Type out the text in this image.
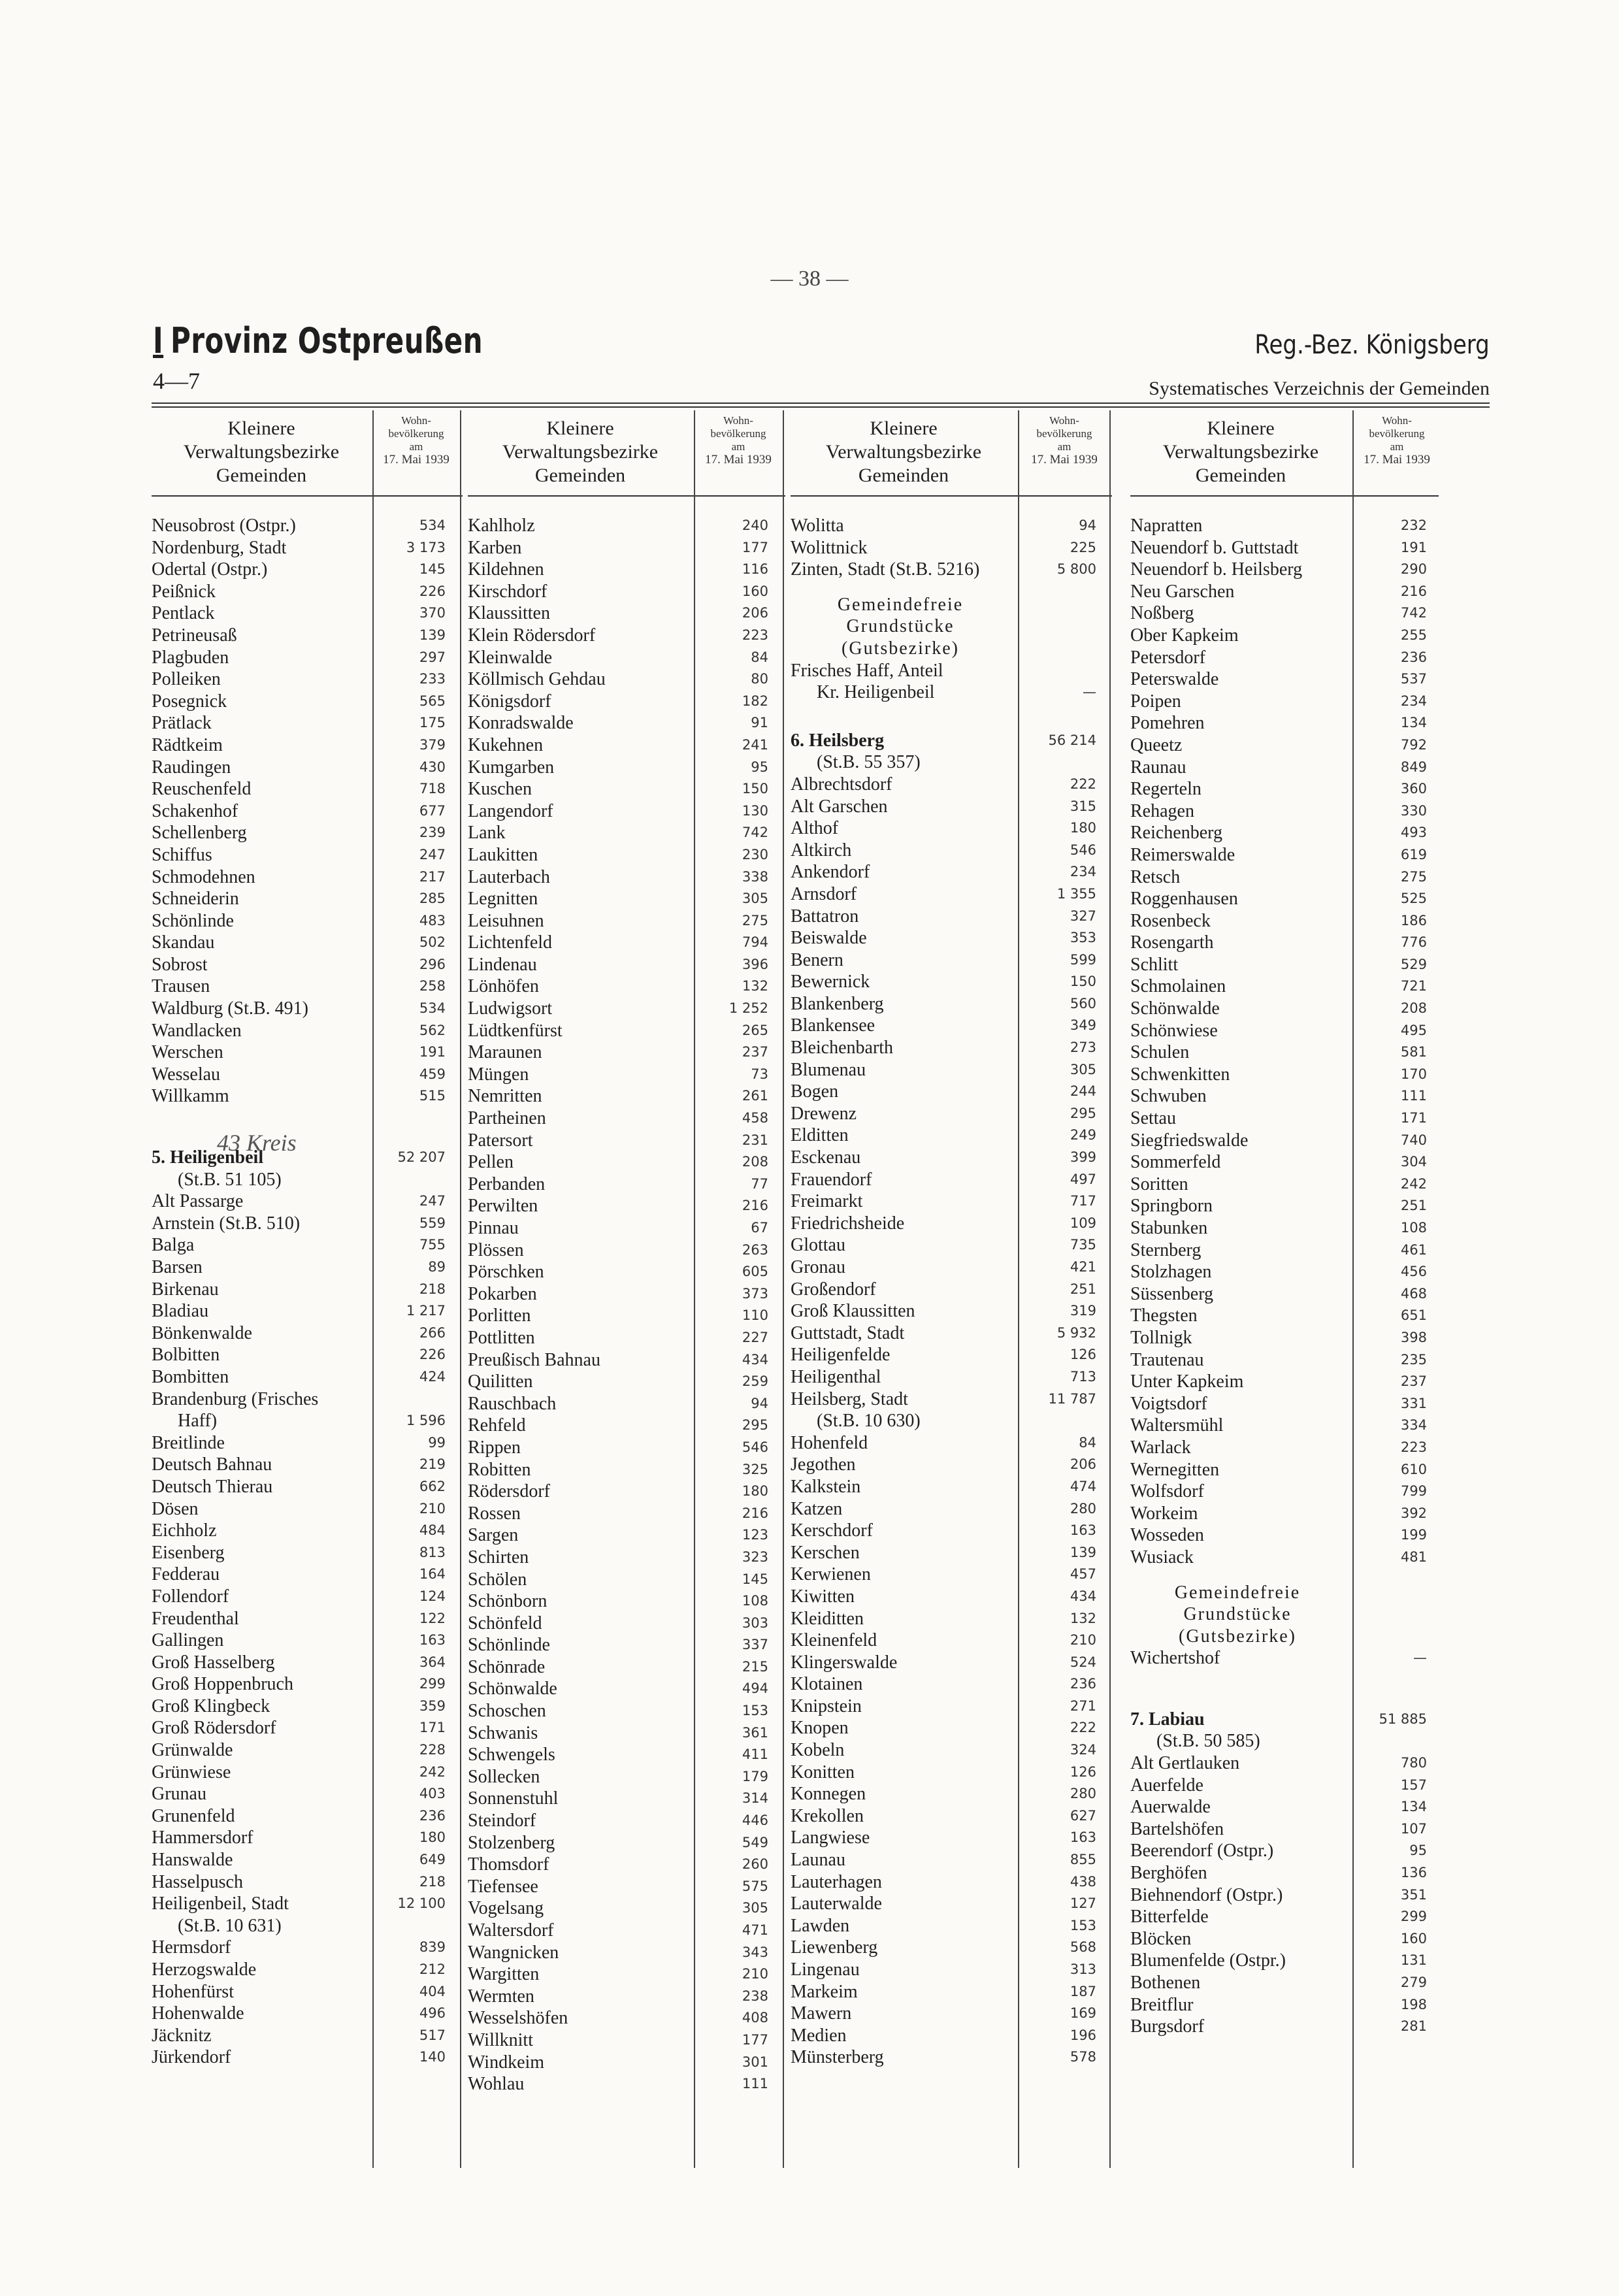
— 38 —
I Provinz Ostpreußen
4—7
Reg.-Bez. Königsberg
Systematisches Verzeichnis der Gemeinden
Kleinere
Verwaltungsbezirke
Gemeinden
Wohn-
bevölkerung
am
17. Mai 1939
Neusobrost (Ostpr.)	534
Nordenburg, Stadt	3 173
Odertal (Ostpr.)	145
Peißnick	226
Pentlack	370
Petrineusaß	139
Plagbuden	297
Polleiken	233
Posegnick	565
Prätlack	175
Rädtkeim	379
Raudingen	430
Reuschenfeld	718
Schakenhof	677
Schellenberg	239
Schiffus	247
Schmodehnen	217
Schneiderin	285
Schönlinde	483
Skandau	502
Sobrost	296
Trausen	258
Waldburg (St.B. 491)	534
Wandlacken	562
Werschen	191
Wesselau	459
Willkamm	515
5. Heiligenbeil	52 207
(St.B. 51 105)
Alt Passarge	247
Arnstein (St.B. 510)	559
Balga	755
Barsen	89
Birkenau	218
Bladiau	1 217
Bönkenwalde	266
Bolbitten	226
Bombitten	424
Brandenburg (Frisches
Haff)	1 596
Breitlinde	99
Deutsch Bahnau	219
Deutsch Thierau	662
Dösen	210
Eichholz	484
Eisenberg	813
Fedderau	164
Follendorf	124
Freudenthal	122
Gallingen	163
Groß Hasselberg	364
Groß Hoppenbruch	299
Groß Klingbeck	359
Groß Rödersdorf	171
Grünwalde	228
Grünwiese	242
Grunau	403
Grunenfeld	236
Hammersdorf	180
Hanswalde	649
Hasselpusch	218
Heiligenbeil, Stadt	12 100
(St.B. 10 631)
Hermsdorf	839
Herzogswalde	212
Hohenfürst	404
Hohenwalde	496
Jäcknitz	517
Jürkendorf	140
Kleinere
Verwaltungsbezirke
Gemeinden
Wohn-
bevölkerung
am
17. Mai 1939
Kahlholz	240
Karben	177
Kildehnen	116
Kirschdorf	160
Klaussitten	206
Klein Rödersdorf	223
Kleinwalde	84
Köllmisch Gehdau	80
Königsdorf	182
Konradswalde	91
Kukehnen	241
Kumgarben	95
Kuschen	150
Langendorf	130
Lank	742
Laukitten	230
Lauterbach	338
Legnitten	305
Leisuhnen	275
Lichtenfeld	794
Lindenau	396
Lönhöfen	132
Ludwigsort	1 252
Lüdtkenfürst	265
Maraunen	237
Müngen	73
Nemritten	261
Partheinen	458
Patersort	231
Pellen	208
Perbanden	77
Perwilten	216
Pinnau	67
Plössen	263
Pörschken	605
Pokarben	373
Porlitten	110
Pottlitten	227
Preußisch Bahnau	434
Quilitten	259
Rauschbach	94
Rehfeld	295
Rippen	546
Robitten	325
Rödersdorf	180
Rossen	216
Sargen	123
Schirten	323
Schölen	145
Schönborn	108
Schönfeld	303
Schönlinde	337
Schönrade	215
Schönwalde	494
Schoschen	153
Schwanis	361
Schwengels	411
Sollecken	179
Sonnenstuhl	314
Steindorf	446
Stolzenberg	549
Thomsdorf	260
Tiefensee	575
Vogelsang	305
Waltersdorf	471
Wangnicken	343
Wargitten	210
Wermten	238
Wesselshöfen	408
Willknitt	177
Windkeim	301
Wohlau	111
Kleinere
Verwaltungsbezirke
Gemeinden
Wohn-
bevölkerung
am
17. Mai 1939
Wolitta	94
Wolittnick	225
Zinten, Stadt (St.B. 5216)	5 800
Gemeindefreie
Grundstücke
(Gutsbezirke)
Frisches Haff, Anteil
Kr. Heiligenbeil	—
6. Heilsberg	56 214
(St.B. 55 357)
Albrechtsdorf	222
Alt Garschen	315
Althof	180
Altkirch	546
Ankendorf	234
Arnsdorf	1 355
Battatron	327
Beiswalde	353
Benern	599
Bewernick	150
Blankenberg	560
Blankensee	349
Bleichenbarth	273
Blumenau	305
Bogen	244
Drewenz	295
Elditten	249
Esckenau	399
Frauendorf	497
Freimarkt	717
Friedrichsheide	109
Glottau	735
Gronau	421
Großendorf	251
Groß Klaussitten	319
Guttstadt, Stadt	5 932
Heiligenfelde	126
Heiligenthal	713
Heilsberg, Stadt	11 787
(St.B. 10 630)
Hohenfeld	84
Jegothen	206
Kalkstein	474
Katzen	280
Kerschdorf	163
Kerschen	139
Kerwienen	457
Kiwitten	434
Kleiditten	132
Kleinenfeld	210
Klingerswalde	524
Klotainen	236
Knipstein	271
Knopen	222
Kobeln	324
Konitten	126
Konnegen	280
Krekollen	627
Langwiese	163
Launau	855
Lauterhagen	438
Lauterwalde	127
Lawden	153
Liewenberg	568
Lingenau	313
Markeim	187
Mawern	169
Medien	196
Münsterberg	578
Kleinere
Verwaltungsbezirke
Gemeinden
Wohn-
bevölkerung
am
17. Mai 1939
Napratten	232
Neuendorf b. Guttstadt	191
Neuendorf b. Heilsberg	290
Neu Garschen	216
Noßberg	742
Ober Kapkeim	255
Petersdorf	236
Peterswalde	537
Poipen	234
Pomehren	134
Queetz	792
Raunau	849
Regerteln	360
Rehagen	330
Reichenberg	493
Reimerswalde	619
Retsch	275
Roggenhausen	525
Rosenbeck	186
Rosengarth	776
Schlitt	529
Schmolainen	721
Schönwalde	208
Schönwiese	495
Schulen	581
Schwenkitten	170
Schwuben	111
Settau	171
Siegfriedswalde	740
Sommerfeld	304
Soritten	242
Springborn	251
Stabunken	108
Sternberg	461
Stolzhagen	456
Süssenberg	468
Thegsten	651
Tollnigk	398
Trautenau	235
Unter Kapkeim	237
Voigtsdorf	331
Waltersmühl	334
Warlack	223
Wernegitten	610
Wolfsdorf	799
Workeim	392
Wosseden	199
Wusiack	481
Gemeindefreie
Grundstücke
(Gutsbezirke)
Wichertshof	—
7. Labiau	51 885
(St.B. 50 585)
Alt Gertlauken	780
Auerfelde	157
Auerwalde	134
Bartelshöfen	107
Beerendorf (Ostpr.)	95
Berghöfen	136
Biehnendorf (Ostpr.)	351
Bitterfelde	299
Blöcken	160
Blumenfelde (Ostpr.)	131
Bothenen	279
Breitflur	198
Burgsdorf	281
43 Kreis
